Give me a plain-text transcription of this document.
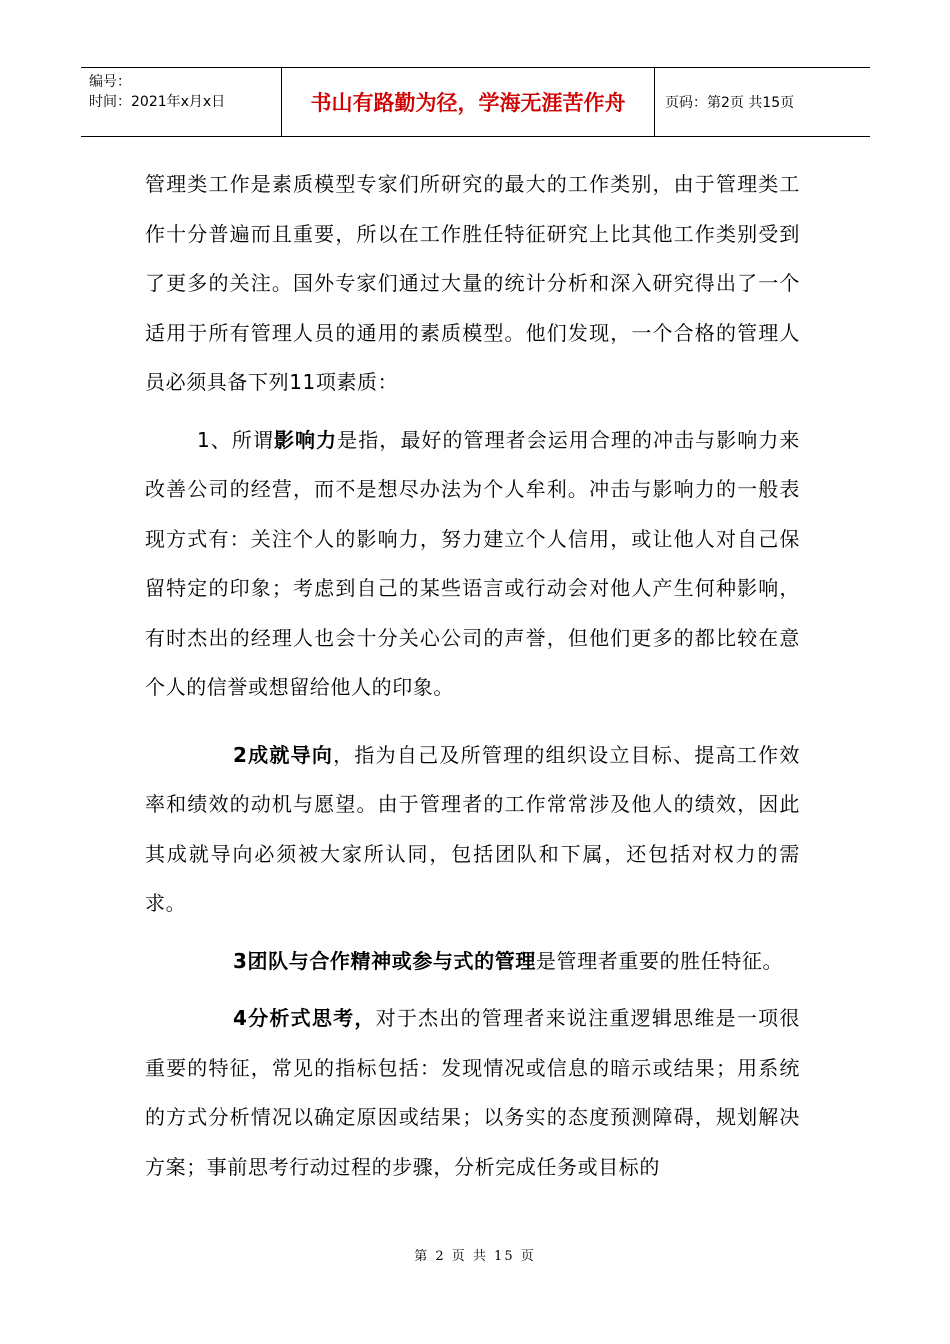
编号：
时间：2021年x月x日	书山有路勤为径，学海无涯苦作舟	页码：第2页 共15页

管理类工作是素质模型专家们所研究的最大的工作类别，由于管理类工作十分普遍而且重要，所以在工作胜任特征研究上比其他工作类别受到了更多的关注。国外专家们通过大量的统计分析和深入研究得出了一个适用于所有管理人员的通用的素质模型。他们发现，一个合格的管理人员必须具备下列11项素质：

1、所谓影响力是指，最好的管理者会运用合理的冲击与影响力来改善公司的经营，而不是想尽办法为个人牟利。冲击与影响力的一般表现方式有：关注个人的影响力，努力建立个人信用，或让他人对自己保留特定的印象；考虑到自己的某些语言或行动会对他人产生何种影响，有时杰出的经理人也会十分关心公司的声誉，但他们更多的都比较在意个人的信誉或想留给他人的印象。

2成就导向，指为自己及所管理的组织设立目标、提高工作效率和绩效的动机与愿望。由于管理者的工作常常涉及他人的绩效，因此其成就导向必须被大家所认同，包括团队和下属，还包括对权力的需求。

3团队与合作精神或参与式的管理是管理者重要的胜任特征。

4分析式思考，对于杰出的管理者来说注重逻辑思维是一项很重要的特征，常见的指标包括：发现情况或信息的暗示或结果；用系统的方式分析情况以确定原因或结果；以务实的态度预测障碍，规划解决方案；事前思考行动过程的步骤，分析完成任务或目标的

第 2 页 共 15 页
